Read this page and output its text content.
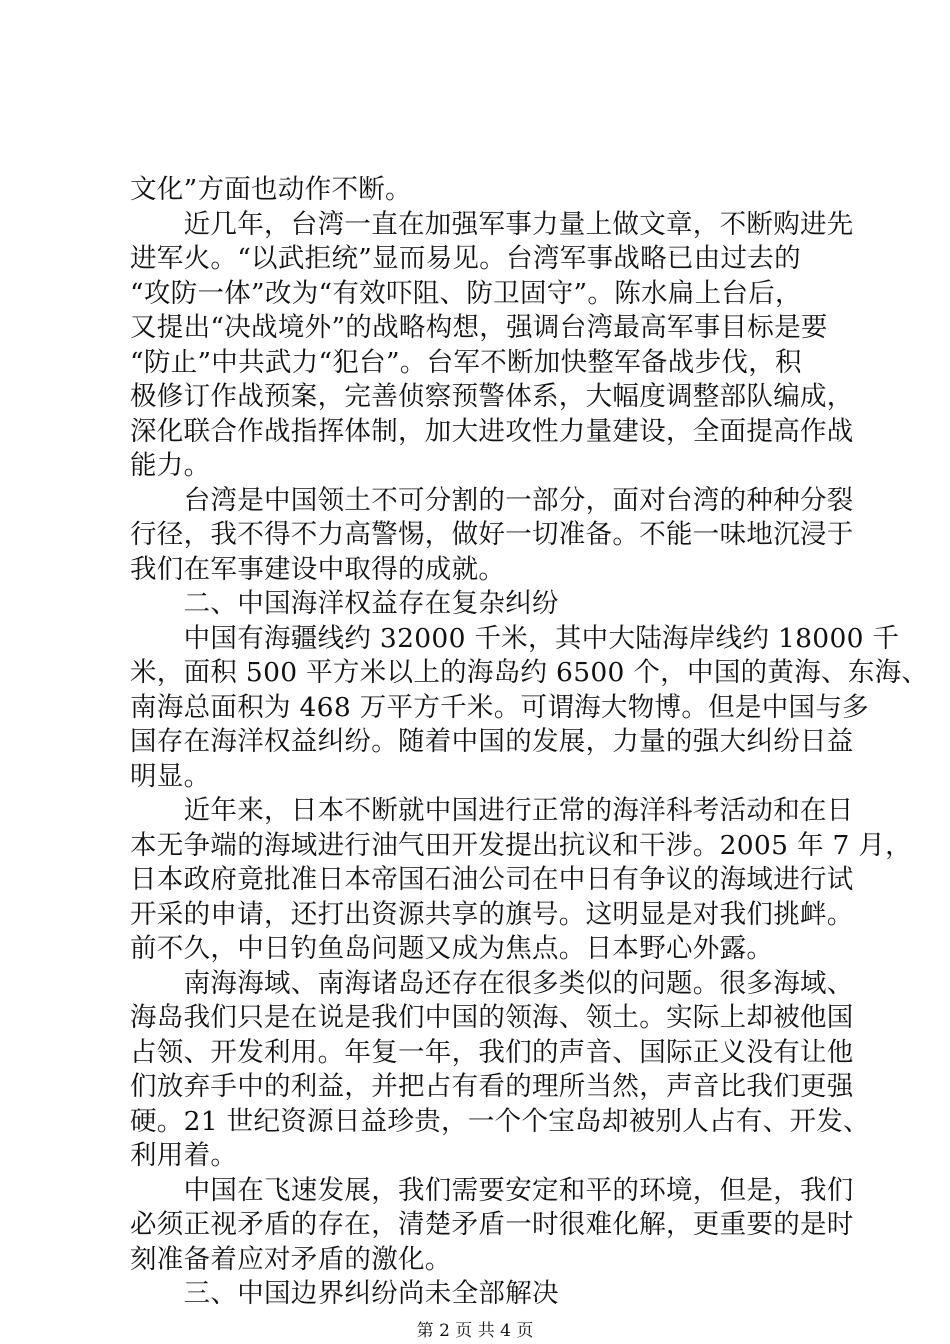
文化”方面也动作不断。
　　近几年，台湾一直在加强军事力量上做文章，不断购进先
进军火。“以武拒统”显而易见。台湾军事战略已由过去的
“攻防一体”改为“有效吓阻、防卫固守”。陈水扁上台后，
又提出“决战境外”的战略构想，强调台湾最高军事目标是要
“防止”中共武力“犯台”。台军不断加快整军备战步伐，积
极修订作战预案，完善侦察预警体系，大幅度调整部队编成，
深化联合作战指挥体制，加大进攻性力量建设，全面提高作战
能力。
　　台湾是中国领土不可分割的一部分，面对台湾的种种分裂
行径，我不得不力高警惕，做好一切准备。不能一味地沉浸于
我们在军事建设中取得的成就。
　　二、中国海洋权益存在复杂纠纷
　　中国有海疆线约 32000 千米，其中大陆海岸线约 18000 千
米，面积 500 平方米以上的海岛约 6500 个，中国的黄海、东海、
南海总面积为 468 万平方千米。可谓海大物博。但是中国与多
国存在海洋权益纠纷。随着中国的发展，力量的强大纠纷日益
明显。
　　近年来，日本不断就中国进行正常的海洋科考活动和在日
本无争端的海域进行油气田开发提出抗议和干涉。2005 年 7 月，
日本政府竟批准日本帝国石油公司在中日有争议的海域进行试
开采的申请，还打出资源共享的旗号。这明显是对我们挑衅。
前不久，中日钓鱼岛问题又成为焦点。日本野心外露。
　　南海海域、南海诸岛还存在很多类似的问题。很多海域、
海岛我们只是在说是我们中国的领海、领土。实际上却被他国
占领、开发利用。年复一年，我们的声音、国际正义没有让他
们放弃手中的利益，并把占有看的理所当然，声音比我们更强
硬。21 世纪资源日益珍贵，一个个宝岛却被别人占有、开发、
利用着。
　　中国在飞速发展，我们需要安定和平的环境，但是，我们
必须正视矛盾的存在，清楚矛盾一时很难化解，更重要的是时
刻准备着应对矛盾的激化。
　　三、中国边界纠纷尚未全部解决
第 2 页 共 4 页
